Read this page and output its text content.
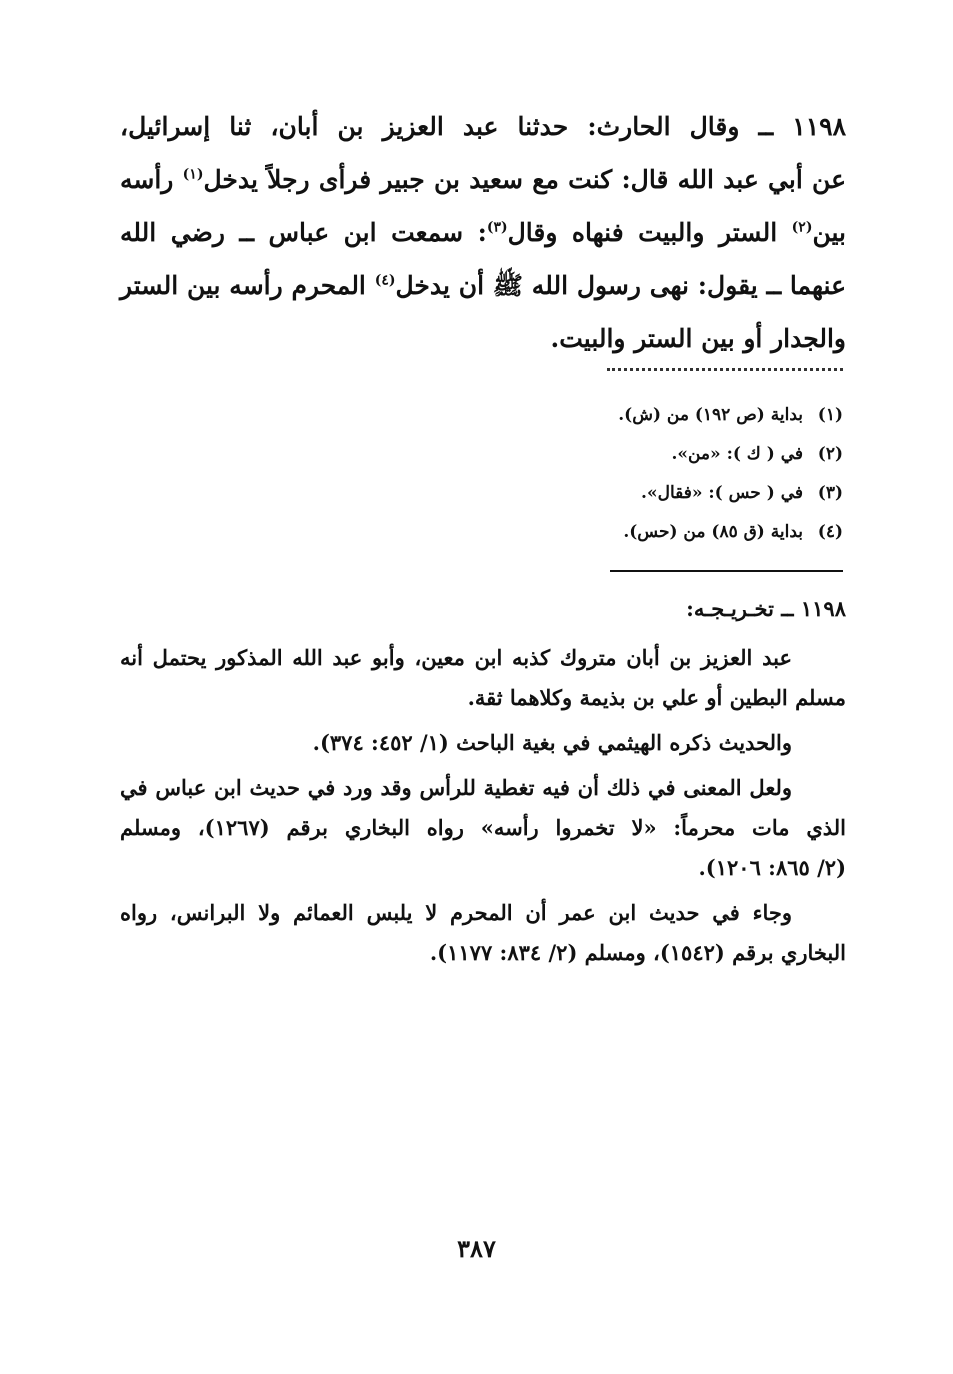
١١٩٨ ــ وقال الحارث: حدثنا عبد العزيز بن أبان، ثنا إسرائيل،
عن أبي عبد الله قال: كنت مع سعيد بن جبير فرأى رجلاً يدخل$^{(١)}$ رأسه
بين$^{(٢)}$ الستر والبيت فنهاه وقال$^{(٣)}$: سمعت ابن عباس ــ رضي الله
عنهما ــ يقول: نهى رسول الله ﷺ أن يدخل$^{(٤)}$ المحرم رأسه بين الستر
والجدار أو بين الستر والبيت.
(١)بداية (ص ١٩٢) من (ش).
(٢)في ( ك ): «من».
(٣)في ( حس ): «فقال».
(٤)بداية (ق ٨٥) من (حس).
١١٩٨ ــ تخـريـجـه:

عبد العزيز بن أبان متروك كذبه ابن معين، وأبو عبد الله المذكور يحتمل أنه
مسلم البطين أو علي بن بذيمة وكلاهما ثقة.

والحديث ذكره الهيثمي في بغية الباحث (١/ ٤٥٢: ٣٧٤).

ولعل المعنى في ذلك أن فيه تغطية للرأس وقد ورد في حديث ابن عباس في
الذي مات محرماً: «لا تخمروا رأسه» رواه البخاري برقم (١٢٦٧)، ومسلم
(٢/ ٨٦٥: ١٢٠٦).

وجاء في حديث ابن عمر أن المحرم لا يلبس العمائم ولا البرانس، رواه
البخاري برقم (١٥٤٢)، ومسلم (٢/ ٨٣٤: ١١٧٧).

٣٨٧
